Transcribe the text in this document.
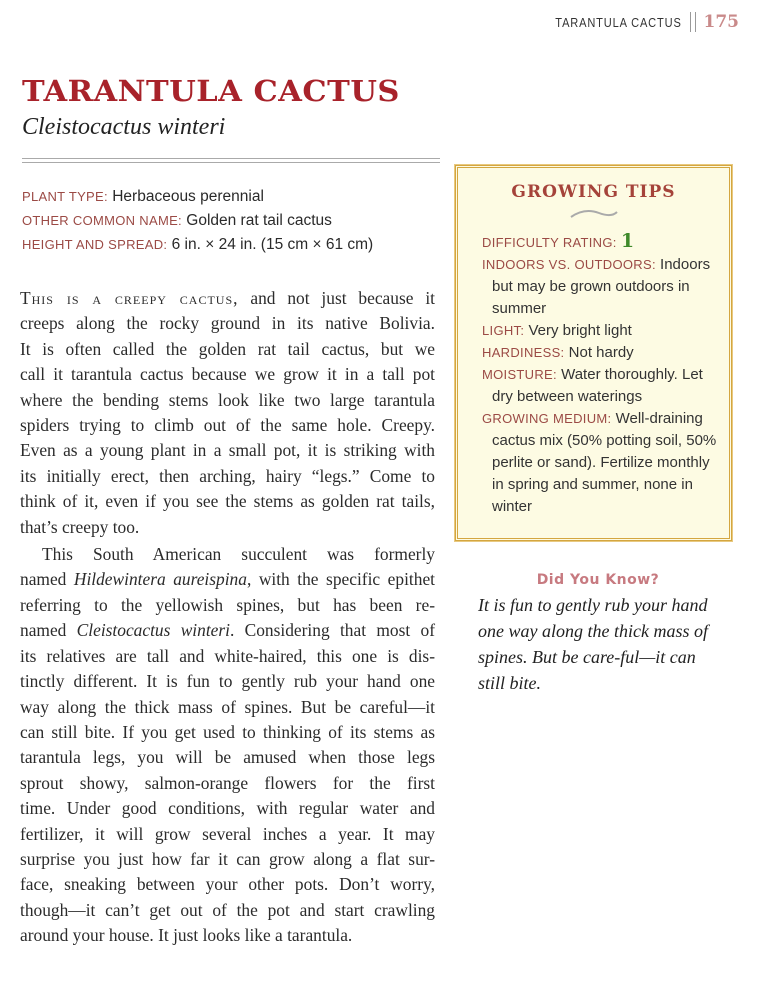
TARANTULA CACTUS 175
TARANTULA CACTUS
Cleistocactus winteri
PLANT TYPE: Herbaceous perennial
OTHER COMMON NAME: Golden rat tail cactus
HEIGHT AND SPREAD: 6 in. × 24 in. (15 cm × 61 cm)
This is a creepy cactus, and not just because it
creeps along the rocky ground in its native Bolivia.
It is often called the golden rat tail cactus, but we
call it tarantula cactus because we grow it in a tall pot
where the bending stems look like two large tarantula
spiders trying to climb out of the same hole. Creepy.
Even as a young plant in a small pot, it is striking with
its initially erect, then arching, hairy “legs.” Come to
think of it, even if you see the stems as golden rat tails,
that’s creepy too.
This South American succulent was formerly
named Hildewintera aureispina, with the specific epithet
referring to the yellowish spines, but has been re-
named Cleistocactus winteri. Considering that most of
its relatives are tall and white-haired, this one is dis-
tinctly different. It is fun to gently rub your hand one
way along the thick mass of spines. But be careful—it
can still bite. If you get used to thinking of its stems as
tarantula legs, you will be amused when those legs
sprout showy, salmon-orange flowers for the first
time. Under good conditions, with regular water and
fertilizer, it will grow several inches a year. It may
surprise you just how far it can grow along a flat sur-
face, sneaking between your other pots. Don’t worry,
though—it can’t get out of the pot and start crawling
around your house. It just looks like a tarantula.
GROWING TIPS
DIFFICULTY RATING: 1
INDOORS VS. OUTDOORS: Indoors but may be grown outdoors in summer
LIGHT: Very bright light
HARDINESS: Not hardy
MOISTURE: Water thoroughly. Let dry between waterings
GROWING MEDIUM: Well-draining cactus mix (50% potting soil, 50% perlite or sand). Fertilize monthly in spring and summer, none in winter
Did You Know?

It is fun to gently rub your hand one way along the thick mass of spines. But be care-ful—it can still bite.
